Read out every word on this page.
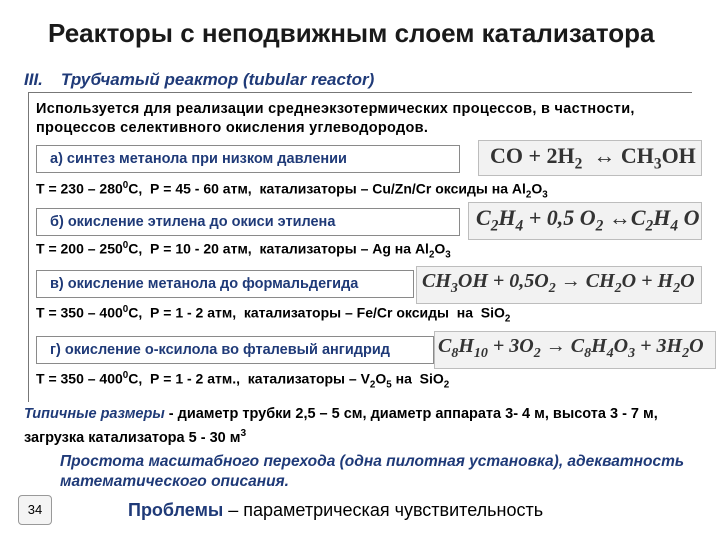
Реакторы с неподвижным слоем катализатора
III. Трубчатый реактор (tubular reactor)
Используется для реализации среднеэкзотермических процессов, в частности, процессов селективного окисления углеводородов.
а) синтез метанола при низком давлении	CO + $2H_2$  ↔ $CH_3OH$
$Т = 230 - 280^0С$,  Р = 45 - 60 атм,  катализаторы – Cu/Zn/Cr оксиды на $Al_2O_3$
б) окисление этилена до окиси этилена	$C_2H_4 + 0,5$ $O_2$ $\leftrightarrow C_2H_4$ O
$Т = 200 - 250^0С$,  Р = 10 - 20 атм,  катализаторы – Ag на $Al_2O_3$
в) окисление метанола до формальдегида	$CH_3OH + 0,5O_2 \to CH_2O + H_2O$
$Т = 350 - 400^0С$,  Р = 1 - 2 атм,  катализаторы – Fe/Cr оксиды  на  SiO$_2$
г) окисление о-ксилола во фталевый ангидрид $C_8H_{10} + 3O_2 \to C_8H_4O_3 + 3H_2O$
$Т = 350 - 400^0С$,  Р = 1 - 2 атм.,  катализаторы – $V_2O_5$ на  SiO$_2$
Типичные размеры - диаметр трубки 2,5 – 5 см, диаметр аппарата 3- 4 м, высота 3 - 7 м, загрузка катализатора 5 - 30 $м^3$
Простота масштабного перехода (одна пилотная установка), адекватность математического описания.
34	Проблемы – параметрическая чувствительность
